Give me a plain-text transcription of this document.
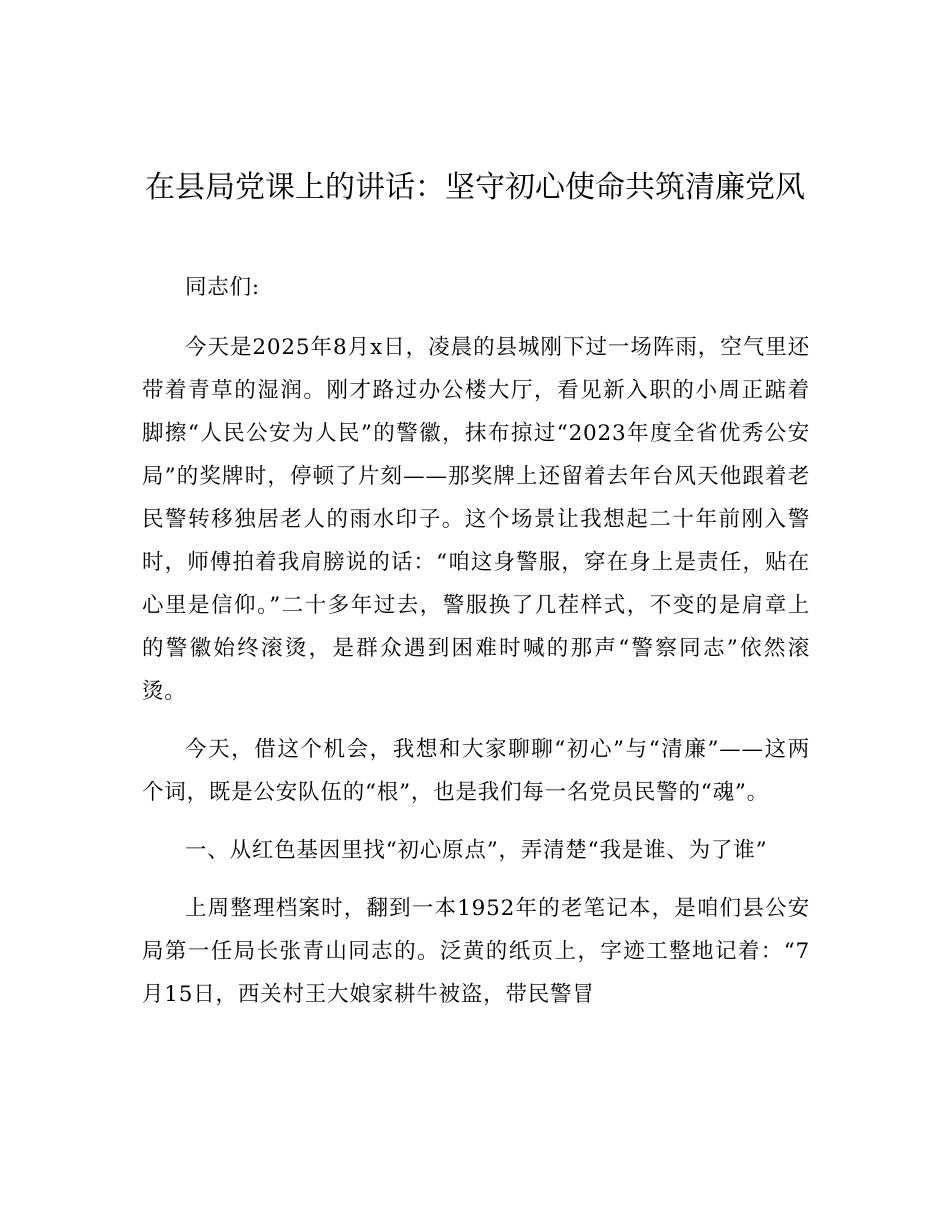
在县局党课上的讲话：坚守初心使命共筑清廉党风

同志们:

今天是2025年8月x日，凌晨的县城刚下过一场阵雨，空气里还带着青草的湿润。刚才路过办公楼大厅，看见新入职的小周正踮着脚擦“人民公安为人民”的警徽，抹布掠过“2023年度全省优秀公安局”的奖牌时，停顿了片刻——那奖牌上还留着去年台风天他跟着老民警转移独居老人的雨水印子。这个场景让我想起二十年前刚入警时，师傅拍着我肩膀说的话：“咱这身警服，穿在身上是责任，贴在心里是信仰。”二十多年过去，警服换了几茬样式，不变的是肩章上的警徽始终滚烫，是群众遇到困难时喊的那声“警察同志”依然滚烫。

今天，借这个机会，我想和大家聊聊“初心”与“清廉”——这两个词，既是公安队伍的“根”，也是我们每一名党员民警的“魂”。

一、从红色基因里找“初心原点”，弄清楚“我是谁、为了谁”

上周整理档案时，翻到一本1952年的老笔记本，是咱们县公安局第一任局长张青山同志的。泛黄的纸页上，字迹工整地记着：“7月15日，西关村王大娘家耕牛被盗，带民警冒
